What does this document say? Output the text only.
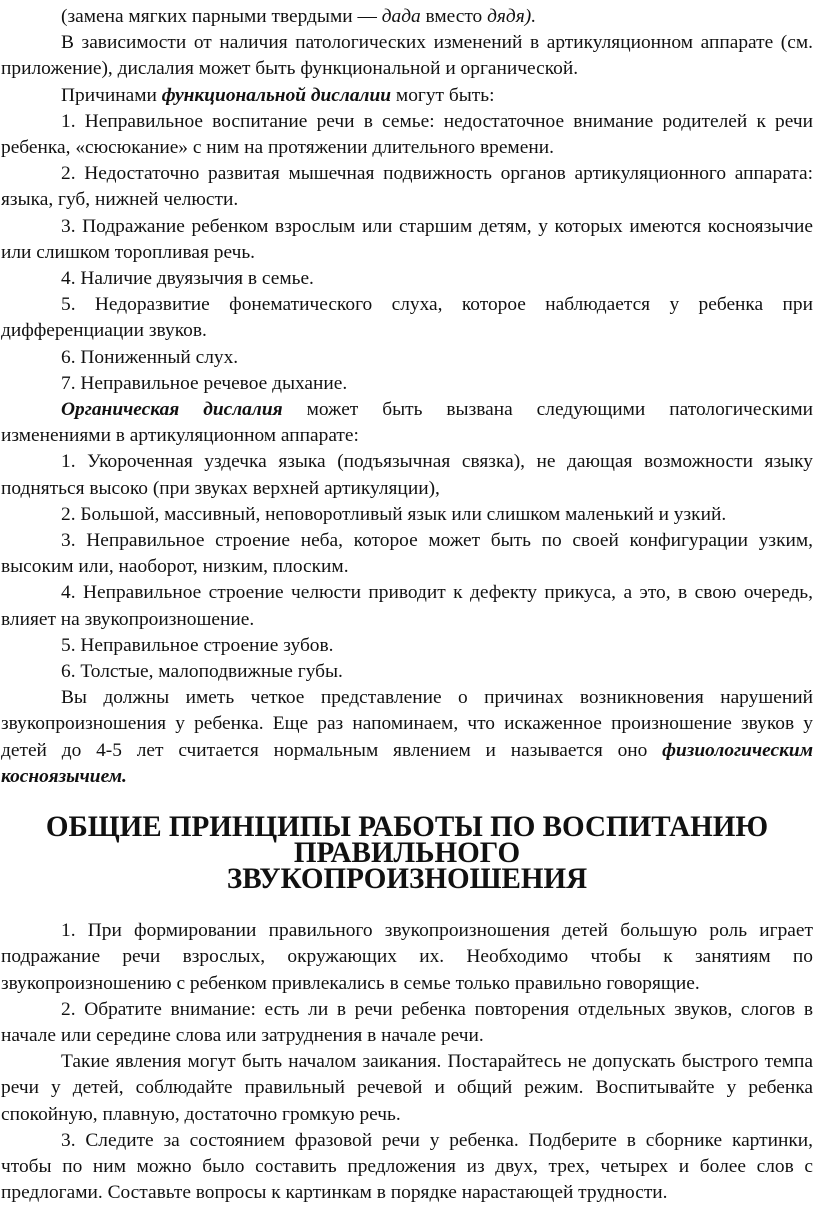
(замена мягких парными твердыми — дада вместо дядя).

В зависимости от наличия патологических изменений в артикуляционном аппарате (см. приложение), дислалия может быть функциональной и органической.

Причинами функциональной дислалии могут быть:

1. Неправильное воспитание речи в семье: недостаточное внимание родителей к речи ребенка, «сюсюкание» с ним на протяжении длительного времени.

2. Недостаточно развитая мышечная подвижность органов артикуляционного аппарата: языка, губ, нижней челюсти.

3. Подражание ребенком взрослым или старшим детям, у которых имеются косноязычие или слишком торопливая речь.

4. Наличие двуязычия в семье.

5. Недоразвитие фонематического слуха, которое наблюдается у ребенка при дифференциации звуков.

6. Пониженный слух.

7. Неправильное речевое дыхание.

Органическая дислалия может быть вызвана следующими патологическими изменениями в артикуляционном аппарате:

1. Укороченная уздечка языка (подъязычная связка), не дающая возможности языку подняться высоко (при звуках верхней артикуляции),

2. Большой, массивный, неповоротливый язык или слишком маленький и узкий.

3. Неправильное строение неба, которое может быть по своей конфигурации узким, высоким или, наоборот, низким, плоским.

4. Неправильное строение челюсти приводит к дефекту прикуса, а это, в свою очередь, влияет на звукопроизношение.

5. Неправильное строение зубов.

6. Толстые, малоподвижные губы.

Вы должны иметь четкое представление о причинах возникновения нарушений звукопроизношения у ребенка. Еще раз напоминаем, что искаженное произношение звуков у детей до 4-5 лет считается нормальным явлением и называется оно физиологическим косноязычием.

ОБЩИЕ ПРИНЦИПЫ РАБОТЫ ПО ВОСПИТАНИЮ ПРАВИЛЬНОГО
ЗВУКОПРОИЗНОШЕНИЯ

1. При формировании правильного звукопроизношения детей большую роль играет подражание речи взрослых, окружающих их. Необходимо чтобы к занятиям по звукопроизношению с ребенком привлекались в семье только правильно говорящие.

2. Обратите внимание: есть ли в речи ребенка повторения отдельных звуков, слогов в начале или середине слова или затруднения в начале речи.

Такие явления могут быть началом заикания. Постарайтесь не допускать быстрого темпа речи у детей, соблюдайте правильный речевой и общий режим. Воспитывайте у ребенка спокойную, плавную, достаточно громкую речь.

3. Следите за состоянием фразовой речи у ребенка. Подберите в сборнике картинки, чтобы по ним можно было составить предложения из двух, трех, четырех и более слов с предлогами. Составьте вопросы к картинкам в порядке нарастающей трудности.
